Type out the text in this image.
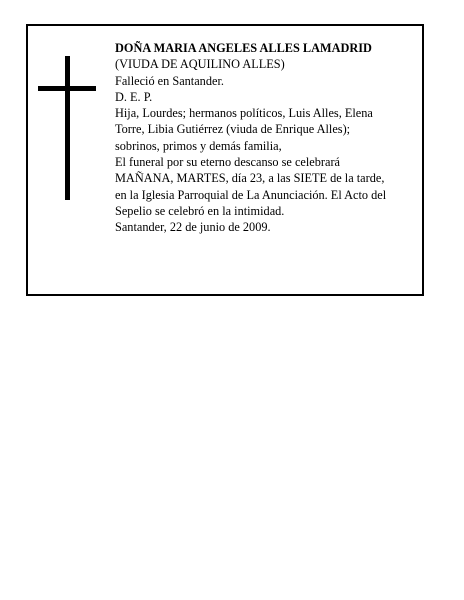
DOÑA MARIA ANGELES ALLES LAMADRID
(VIUDA DE AQUILINO ALLES)
Falleció en Santander.
D. E. P.
Hija, Lourdes; hermanos políticos, Luis Alles, Elena
Torre, Libia Gutiérrez (viuda de Enrique Alles);
sobrinos, primos y demás familia,
El funeral por su eterno descanso se celebrará
MAÑANA, MARTES, día 23, a las SIETE de la tarde,
en la Iglesia Parroquial de La Anunciación. El Acto del
Sepelio se celebró en la intimidad.
Santander, 22 de junio de 2009.
